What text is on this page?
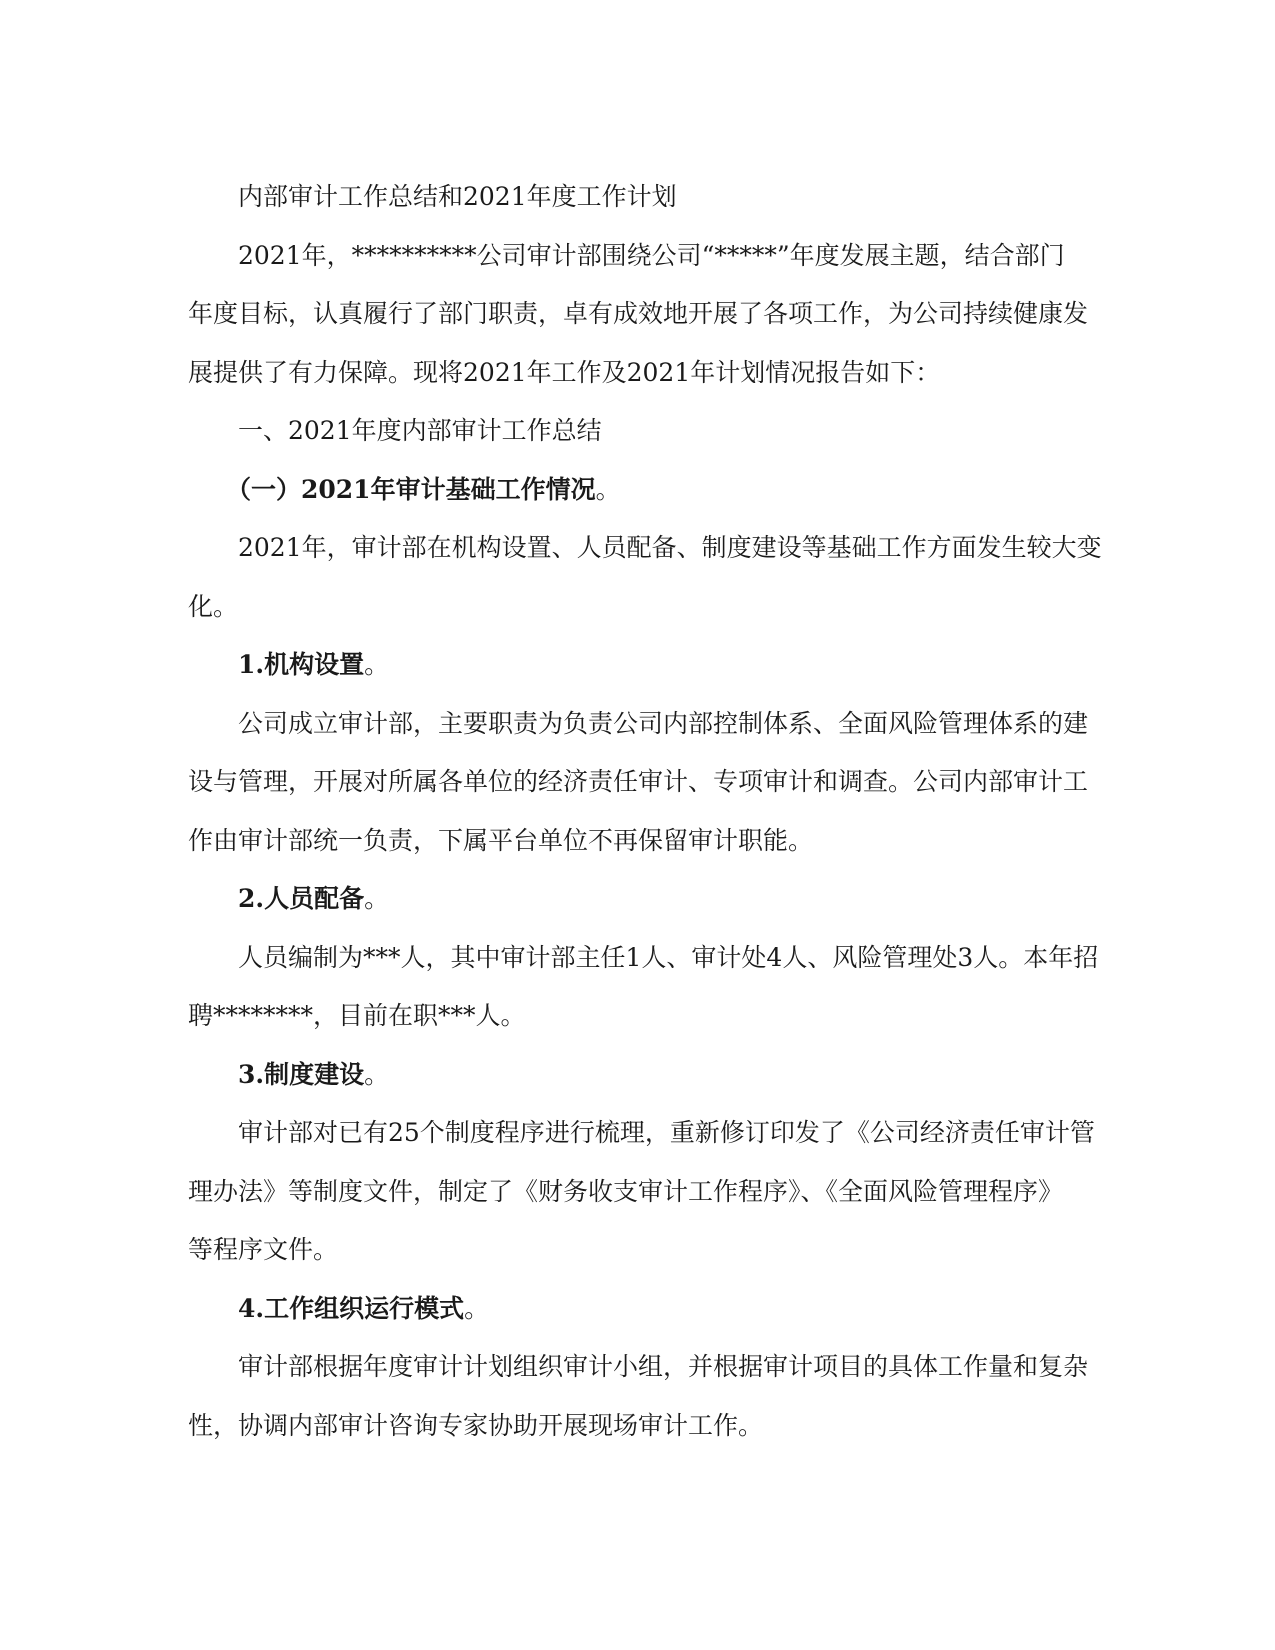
内部审计工作总结和2021年度工作计划

2021年，**********公司审计部围绕公司“*****”年度发展主题，结合部门

年度目标，认真履行了部门职责，卓有成效地开展了各项工作，为公司持续健康发

展提供了有力保障。现将2021年工作及2021年计划情况报告如下：

一、2021年度内部审计工作总结

（一）2021年审计基础工作情况。

2021年，审计部在机构设置、人员配备、制度建设等基础工作方面发生较大变

化。

1.机构设置。

公司成立审计部，主要职责为负责公司内部控制体系、全面风险管理体系的建

设与管理，开展对所属各单位的经济责任审计、专项审计和调查。公司内部审计工

作由审计部统一负责，下属平台单位不再保留审计职能。

2.人员配备。

人员编制为***人，其中审计部主任1人、审计处4人、风险管理处3人。本年招

聘********，目前在职***人。

3.制度建设。

审计部对已有25个制度程序进行梳理，重新修订印发了《公司经济责任审计管

理办法》等制度文件，制定了《财务收支审计工作程序》、《全面风险管理程序》

等程序文件。

4.工作组织运行模式。

审计部根据年度审计计划组织审计小组，并根据审计项目的具体工作量和复杂

性，协调内部审计咨询专家协助开展现场审计工作。
